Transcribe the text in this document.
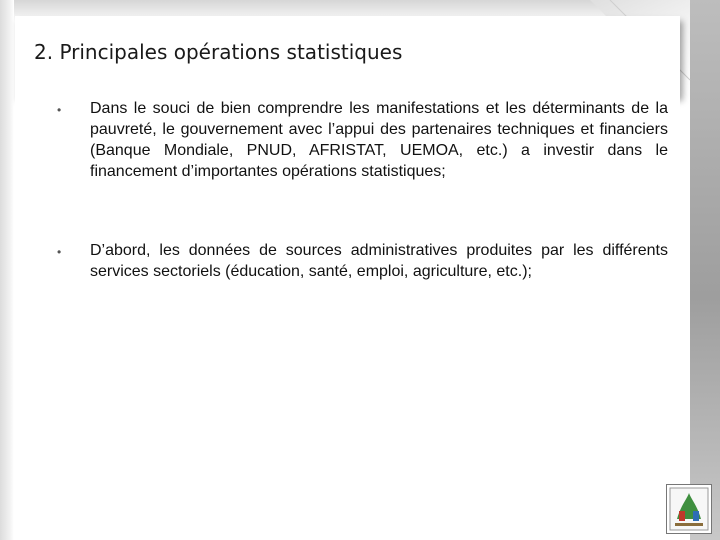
2. Principales opérations statistiques
• Dans le souci de bien comprendre les manifestations et les déterminants de la pauvreté, le gouvernement avec l’appui des partenaires techniques et financiers (Banque Mondiale, PNUD, AFRISTAT, UEMOA, etc.) a investir dans le financement d’importantes opérations statistiques;

• D’abord, les données de sources administratives produites par les différents services sectoriels (éducation, santé, emploi, agriculture, etc.);
